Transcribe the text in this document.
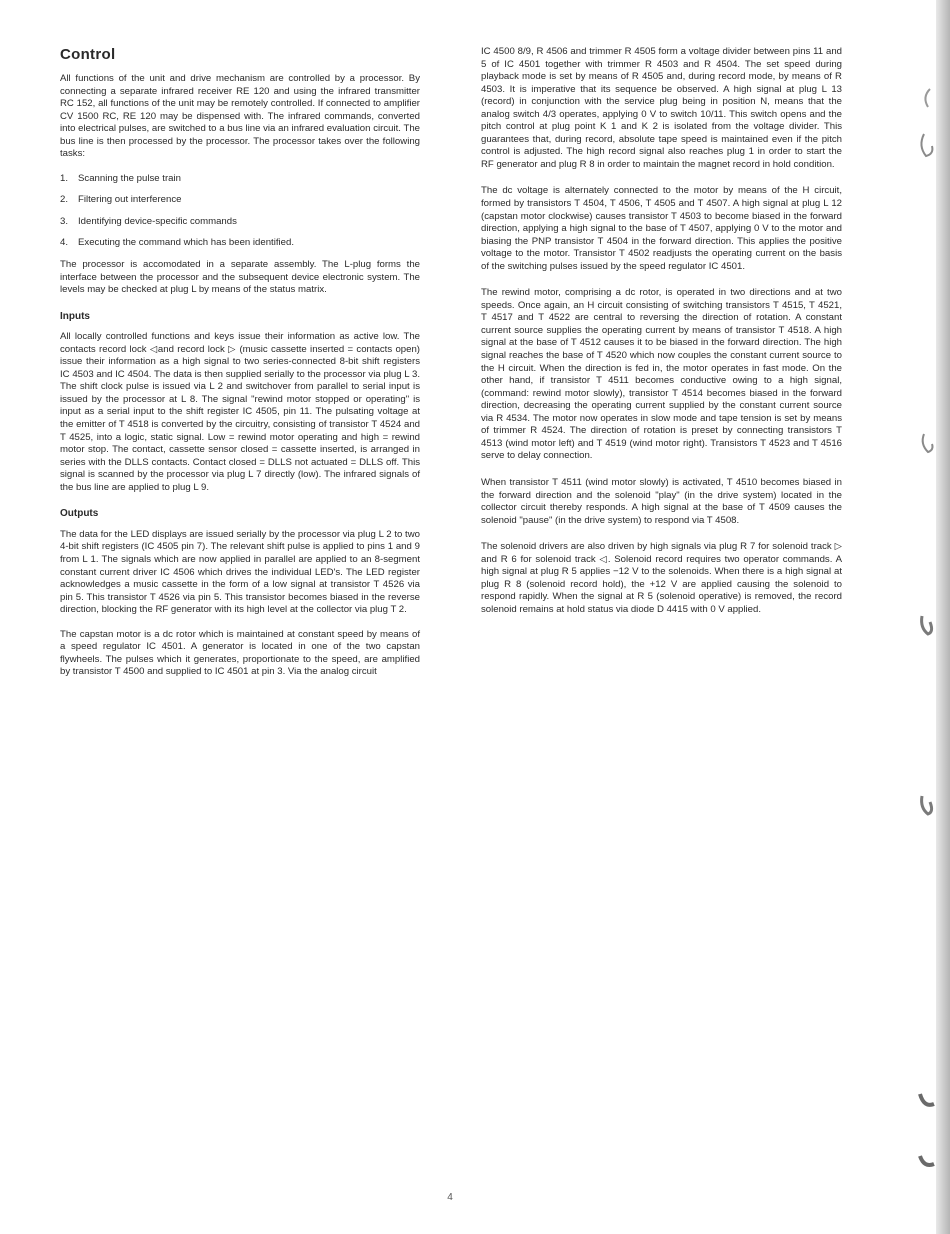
Control

All functions of the unit and drive mechanism are controlled by a processor. By connecting a separate infrared receiver RE 120 and using the infrared transmitter RC 152, all functions of the unit may be remotely controlled. If connected to amplifier CV 1500 RC, RE 120 may be dispensed with. The infrared commands, converted into electrical pulses, are switched to a bus line via an infrared evaluation circuit. The bus line is then processed by the processor. The processor takes over the following tasks:

1.	Scanning the pulse train
2.	Filtering out interference
3.	Identifying device-specific commands
4.	Executing the command which has been identified.

The processor is accomodated in a separate assembly. The L-plug forms the interface between the processor and the subsequent device electronic system. The levels may be checked at plug L by means of the status matrix.

Inputs

All locally controlled functions and keys issue their information as active low. The contacts record lock ◁and record lock ▷ (music cassette inserted = contacts open) issue their information as a high signal to two series-connected 8-bit shift registers IC 4503 and IC 4504. The data is then supplied serially to the processor via plug L 3. The shift clock pulse is issued via L 2 and switchover from parallel to serial input is issued by the processor at L 8. The signal "rewind motor stopped or operating" is input as a serial input to the shift register IC 4505, pin 11. The pulsating voltage at the emitter of T 4518 is converted by the circuitry, consisting of transistor T 4524 and T 4525, into a logic, static signal. Low = rewind motor operating and high = rewind motor stop. The contact, cassette sensor closed = cassette inserted, is arranged in series with the DLLS contacts. Contact closed = DLLS not actuated = DLLS off. This signal is scanned by the processor via plug L 7 directly (low). The infrared signals of the bus line are applied to plug L 9.

Outputs

The data for the LED displays are issued serially by the processor via plug L 2 to two 4-bit shift registers (IC 4505 pin 7). The relevant shift pulse is applied to pins 1 and 9 from L 1. The signals which are now applied in parallel are applied to an 8-segment constant current driver IC 4506 which drives the individual LED's. The LED register acknowledges a music cassette in the form of a low signal at transistor T 4526 via pin 5. This transistor T 4526 via pin 5. This transistor becomes biased in the reverse direction, blocking the RF generator with its high level at the collector via plug T 2.

The capstan motor is a dc rotor which is maintained at constant speed by means of a speed regulator IC 4501. A generator is located in one of the two capstan flywheels. The pulses which it generates, proportionate to the speed, are amplified by transistor T 4500 and supplied to IC 4501 at pin 3. Via the analog circuit

IC 4500 8/9, R 4506 and trimmer R 4505 form a voltage divider between pins 11 and 5 of IC 4501 together with trimmer R 4503 and R 4504. The set speed during playback mode is set by means of R 4505 and, during record mode, by means of R 4503. It is imperative that its sequence be observed. A high signal at plug L 13 (record) in conjunction with the service plug being in position N, means that the analog switch 4/3 operates, applying 0 V to switch 10/11. This switch opens and the pitch control at plug point K 1 and K 2 is isolated from the voltage divider. This guarantees that, during record, absolute tape speed is maintained even if the pitch control is adjusted. The high record signal also reaches plug 1 in order to start the RF generator and plug R 8 in order to maintain the magnet record in hold condition.

The dc voltage is alternately connected to the motor by means of the H circuit, formed by transistors T 4504, T 4506, T 4505 and T 4507. A high signal at plug L 12 (capstan motor clockwise) causes transistor T 4503 to become biased in the forward direction, applying a high signal to the base of T 4507, applying 0 V to the motor and biasing the PNP transistor T 4504 in the forward direction. This applies the positive voltage to the motor. Transistor T 4502 readjusts the operating current on the basis of the switching pulses issued by the speed regulator IC 4501.

The rewind motor, comprising a dc rotor, is operated in two directions and at two speeds. Once again, an H circuit consisting of switching transistors T 4515, T 4521, T 4517 and T 4522 are central to reversing the direction of rotation. A constant current source supplies the operating current by means of transistor T 4518. A high signal at the base of T 4512 causes it to be biased in the forward direction. The high signal reaches the base of T 4520 which now couples the constant current source to the H circuit. When the direction is fed in, the motor operates in fast mode. On the other hand, if transistor T 4511 becomes conductive owing to a high signal, (command: rewind motor slowly), transistor T 4514 becomes biased in the forward direction, decreasing the operating current supplied by the constant current source via R 4534. The motor now operates in slow mode and tape tension is set by means of trimmer R 4524. The direction of rotation is preset by connecting transistors T 4513 (wind motor left) and T 4519 (wind motor right). Transistors T 4523 and T 4516 serve to delay connection.

When transistor T 4511 (wind motor slowly) is activated, T 4510 becomes biased in the forward direction and the solenoid "play" (in the drive system) located in the collector circuit thereby responds. A high signal at the base of T 4509 causes the solenoid "pause" (in the drive system) to respond via T 4508.

The solenoid drivers are also driven by high signals via plug R 7 for solenoid track ▷ and R 6 for solenoid track ◁. Solenoid record requires two operator commands. A high signal at plug R 5 applies −12 V to the solenoids. When there is a high signal at plug R 8 (solenoid record hold), the +12 V are applied causing the solenoid to respond rapidly. When the signal at R 5 (solenoid operative) is removed, the record solenoid remains at hold status via diode D 4415 with 0 V applied.

4
